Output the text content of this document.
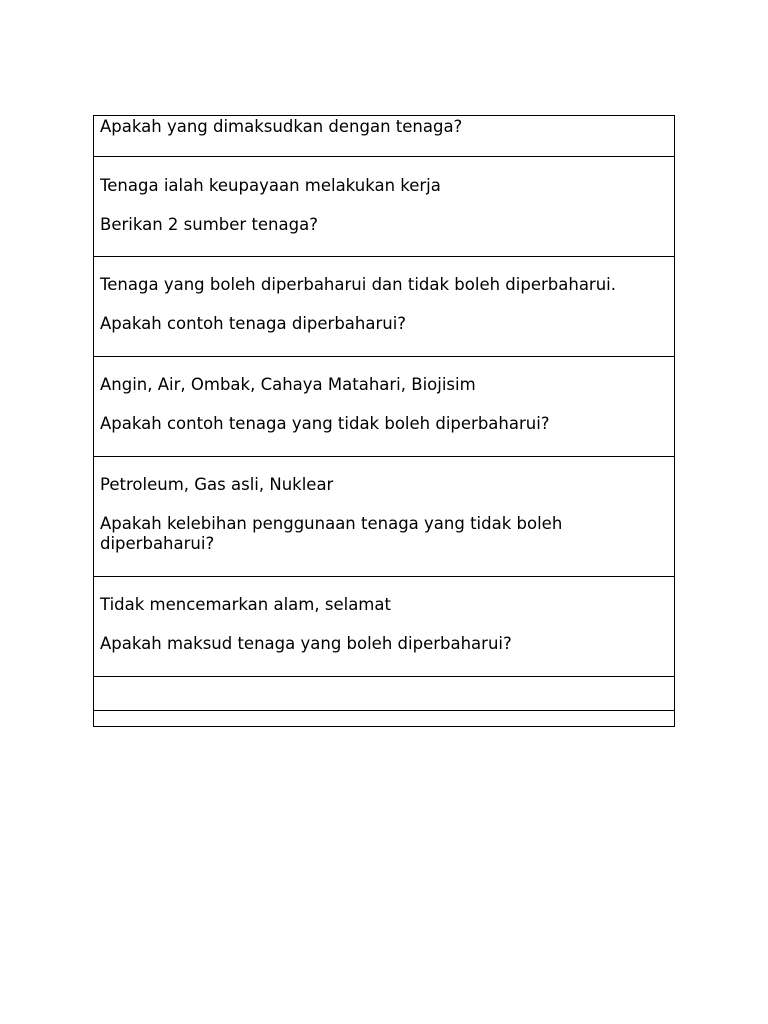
Apakah yang dimaksudkan dengan tenaga?

Tenaga ialah keupayaan melakukan kerja

Berikan 2 sumber tenaga?

Tenaga yang boleh diperbaharui dan tidak boleh diperbaharui.

Apakah contoh tenaga diperbaharui?

Angin, Air, Ombak, Cahaya Matahari, Biojisim

Apakah contoh tenaga yang tidak boleh diperbaharui?

Petroleum, Gas asli, Nuklear

Apakah kelebihan penggunaan tenaga yang tidak boleh diperbaharui?

Tidak mencemarkan alam, selamat

Apakah maksud tenaga yang boleh diperbaharui?
